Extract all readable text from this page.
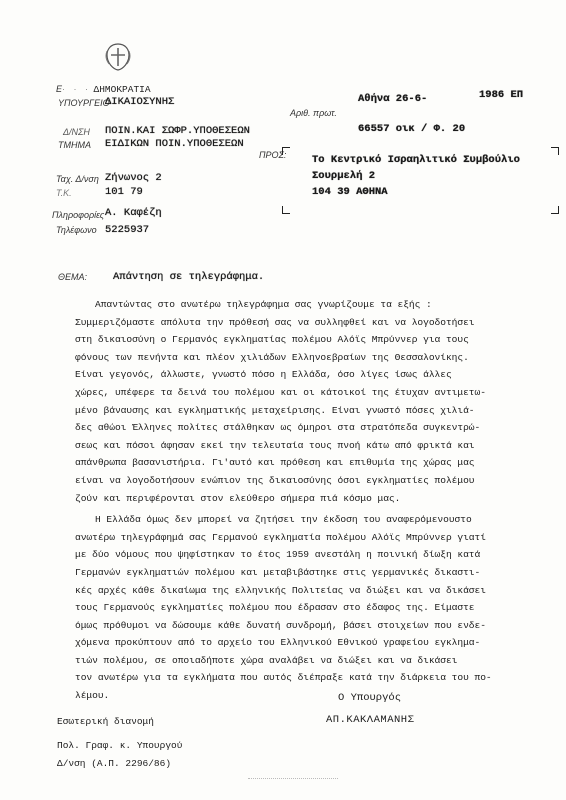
Ε· · · ΔΗΜΟΚΡΑΤΙΑ
ΥΠΟΥΡΓΕΙΟ
ΔΙΚΑΙΟΣΥΝΗΣ
Δ/ΝΣΗ ΠΟΙΝ.ΚΑΙ ΣΩΦΡ.ΥΠΟΘΕΣΕΩΝ
ΤΜΗΜΑ ΕΙΔΙΚΩΝ ΠΟΙΝ.ΥΠΟΘΕΣΕΩΝ
Ταχ. Δ/νση Ζήνωνος 2
Τ.Κ.	101 79
Πληροφορίες Α. Καφέζη
Τηλέφωνο 5225937
Αθήνα 26-6-	1986 ΕΠ
Αριθ. πρωτ.
66557 οικ / Φ. 20
ΠΡΟΣ: Το Κεντρικό Ισραηλιτικό Συμβούλιο
Σουρμελή 2
104 39 ΑΘΗΝΑ
ΘΕΜΑ: Απάντηση σε τηλεγράφημα.
Απαντώντας στο ανωτέρω τηλεγράφημα σας γνωρίζουμε τα εξής :
Συμμεριζόμαστε απόλυτα την πρόθεσή σας να συλληφθεί και να λογοδοτήσει
στη δικαιοσύνη ο Γερμανός εγκληματίας πολέμου Αλόϊς Μπρύννερ για τους
φόνους των πενήντα και πλέον χιλιάδων Ελληνοεβραίων της Θεσσαλονίκης.
Είναι γεγονός, άλλωστε, γνωστό πόσο η Ελλάδα, όσο λίγες ίσως άλλες
χώρες, υπέφερε τα δεινά του πολέμου και οι κάτοικοί της έτυχαν αντιμετω-
μένο βάναυσης και εγκληματικής μεταχείρισης. Είναι γνωστό πόσες χιλιά-
δες αθώοι Έλληνες πολίτες στάλθηκαν ως όμηροι στα στρατόπεδα συγκεντρώ-
σεως και πόσοι άφησαν εκεί την τελευταία τους πνοή κάτω από φρικτά και
απάνθρωπα βασανιστήρια. Γι'αυτό και πρόθεση και επιθυμία της χώρας μας
είναι να λογοδοτήσουν ενώπιον της δικαιοσύνης όσοι εγκληματίες πολέμου
ζούν και περιφέρονται στον ελεύθερο σήμερα πιά κόσμο μας.
Η Ελλάδα όμως δεν μπορεί να ζητήσει την έκδοση του αναφερόμενουστο
ανωτέρω τηλεγράφημά σας Γερμανού εγκληματία πολέμου Αλόϊς Μπρύννερ γιατί
με δύο νόμους που ψηφίστηκαν το έτος 1959 ανεστάλη η ποινική δίωξη κατά
Γερμανών εγκληματιών πολέμου και μεταβιβάστηκε στις γερμανικές δικαστι-
κές αρχές κάθε δικαίωμα της ελληνικής Πολιτείας να διώξει και να δικάσει
τους Γερμανούς εγκληματίες πολέμου που έδρασαν στο έδαφος της. Είμαστε
όμως πρόθυμοι να δώσουμε κάθε δυνατή συνδρομή, βάσει στοιχείων που ενδε-
χόμενα προκύπτουν από το αρχείο του Ελληνικού Εθνικού γραφείου εγκλημα-
τιών πολέμου, σε οποιαδήποτε χώρα αναλάβει να διώξει και να δικάσει
τον ανωτέρω για τα εγκλήματα που αυτός διέπραξε κατά την διάρκεια του πο-
λέμου.	Ο Υπουργός
ΑΠ.ΚΑΚΛΑΜΑΝΗΣ
Εσωτερική διανομή
Πολ. Γραφ. κ. Υπουργού
Δ/νση (Α.Π. 2296/86)
